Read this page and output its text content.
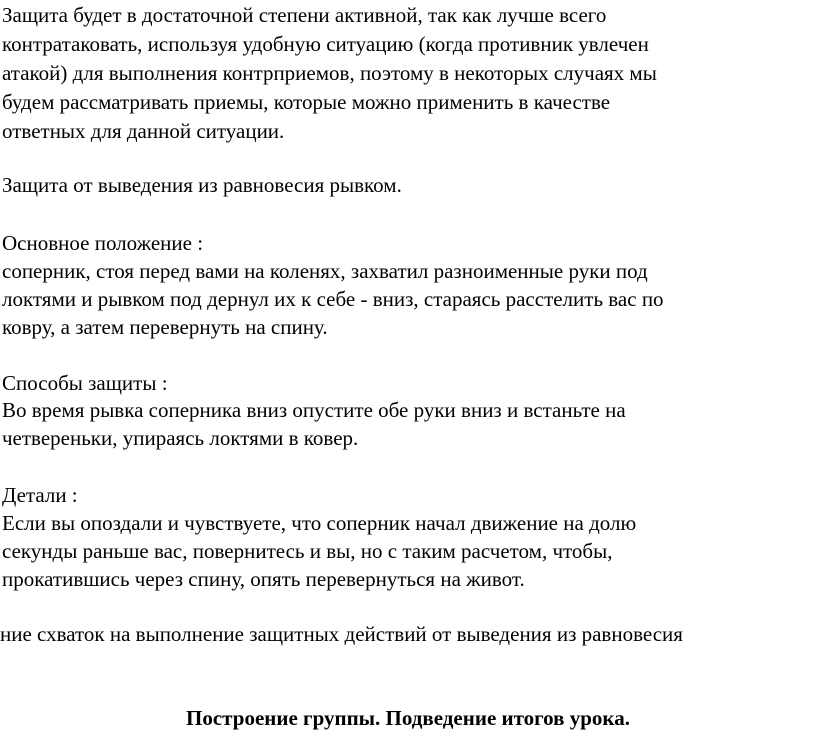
Защита будет в достаточной степени активной, так как лучше всего
контратаковать, используя удобную ситуацию (когда противник увлечен
атакой) для выполнения контрприемов, поэтому в некоторых случаях мы
будем рассматривать приемы, которые можно применить в качестве
ответных для данной ситуации.
Защита от выведения из равновесия рывком.
Основное положение :
соперник, стоя перед вами на коленях, захватил разноименные руки под
локтями и рывком под дернул их к себе - вниз, стараясь расстелить вас по
ковру, а затем перевернуть на спину.
Способы защиты :
Во время рывка соперника вниз опустите обе руки вниз и встаньте на
четвереньки, упираясь локтями в ковер.
Детали :
Если вы опоздали и чувствуете, что соперник начал движение на долю
секунды раньше вас, повернитесь и вы, но с таким расчетом, чтобы,
прокатившись через спину, опять перевернуться на живот.
ние схваток на выполнение защитных действий от выведения из равновесия
Построение группы. Подведение итогов урока.
